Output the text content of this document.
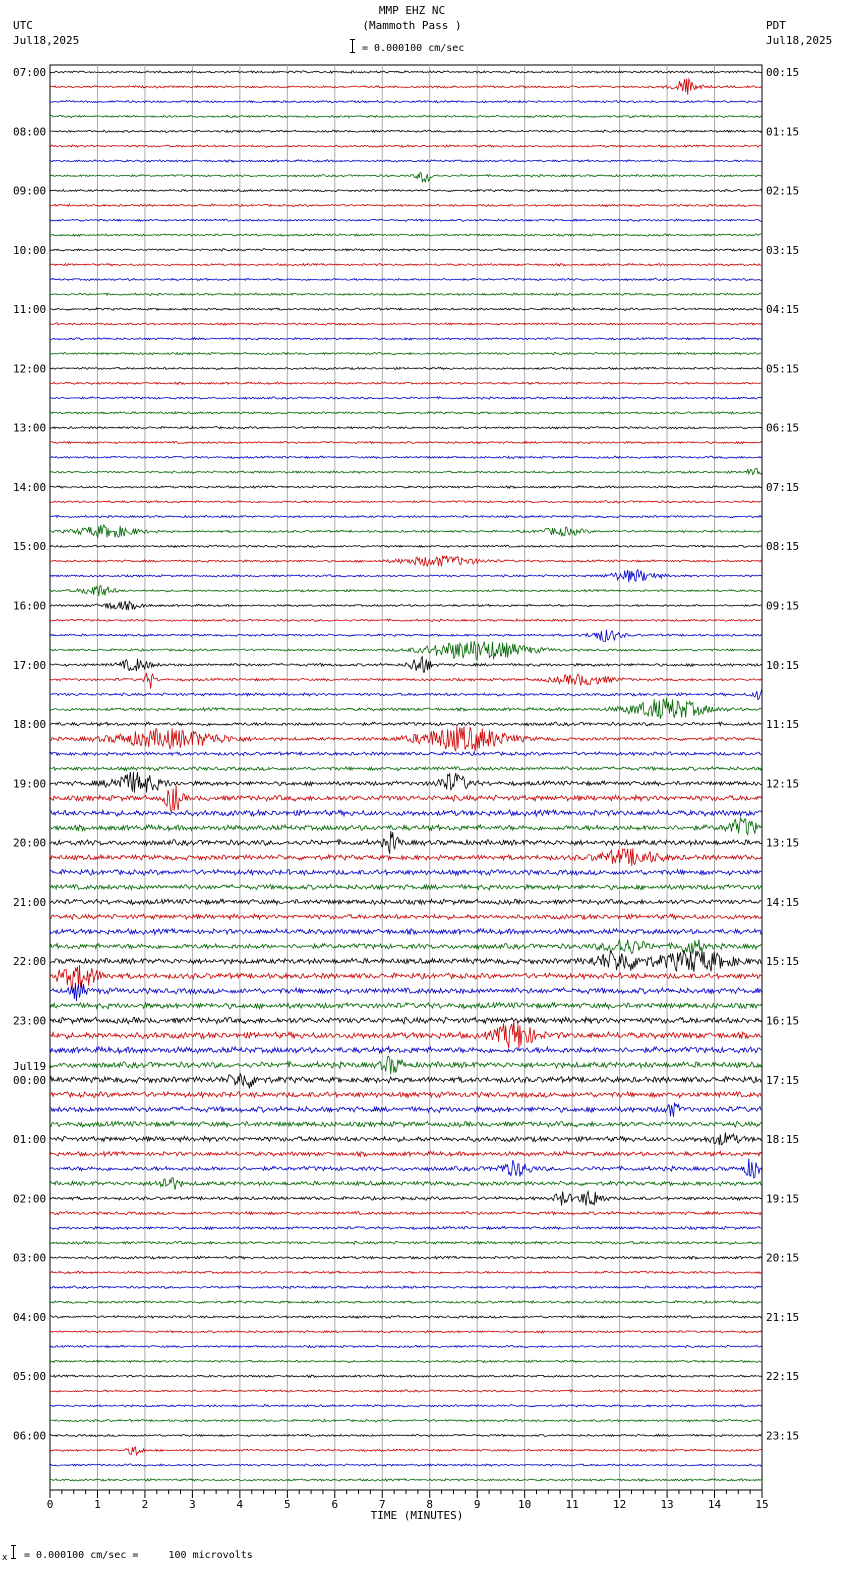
MMP EHZ NC
(Mammoth Pass )
= 0.000100 cm/sec
UTC
Jul18,2025
PDT
Jul18,2025
07:00
08:00
09:00
10:00
11:00
12:00
13:00
14:00
15:00
16:00
17:00
18:00
19:00
20:00
21:00
22:00
23:00
00:00
01:00
02:00
03:00
04:00
05:00
06:00
Jul19
00:15
01:15
02:15
03:15
04:15
05:15
06:15
07:15
08:15
09:15
10:15
11:15
12:15
13:15
14:15
15:15
16:15
17:15
18:15
19:15
20:15
21:15
22:15
23:15
0	1	2	3	4	5	6	7	8	9	10	11	12	13	14	15
TIME (MINUTES)
x = 0.000100 cm/sec =     100 microvolts
